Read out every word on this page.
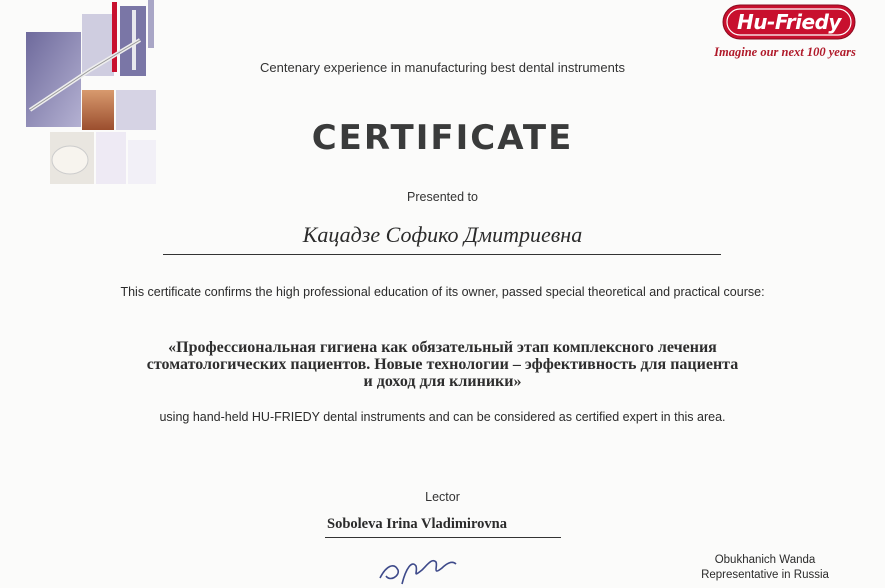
Hu-Friedy
Imagine our next 100 years
Centenary experience in manufacturing best dental instruments
CERTIFICATE
Presented to
Кацадзе Софико Дмитриевна
This certificate confirms the high professional education of its owner, passed special theoretical and practical course:
«Профессиональная гигиена как обязательный этап комплексного лечения
стоматологических пациентов. Новые технологии – эффективность для пациента
и доход для клиники»
using hand-held HU-FRIEDY dental instruments and can be considered as certified expert in this area.
Lector
Soboleva Irina Vladimirovna
Obukhanich Wanda
Representative in Russia
